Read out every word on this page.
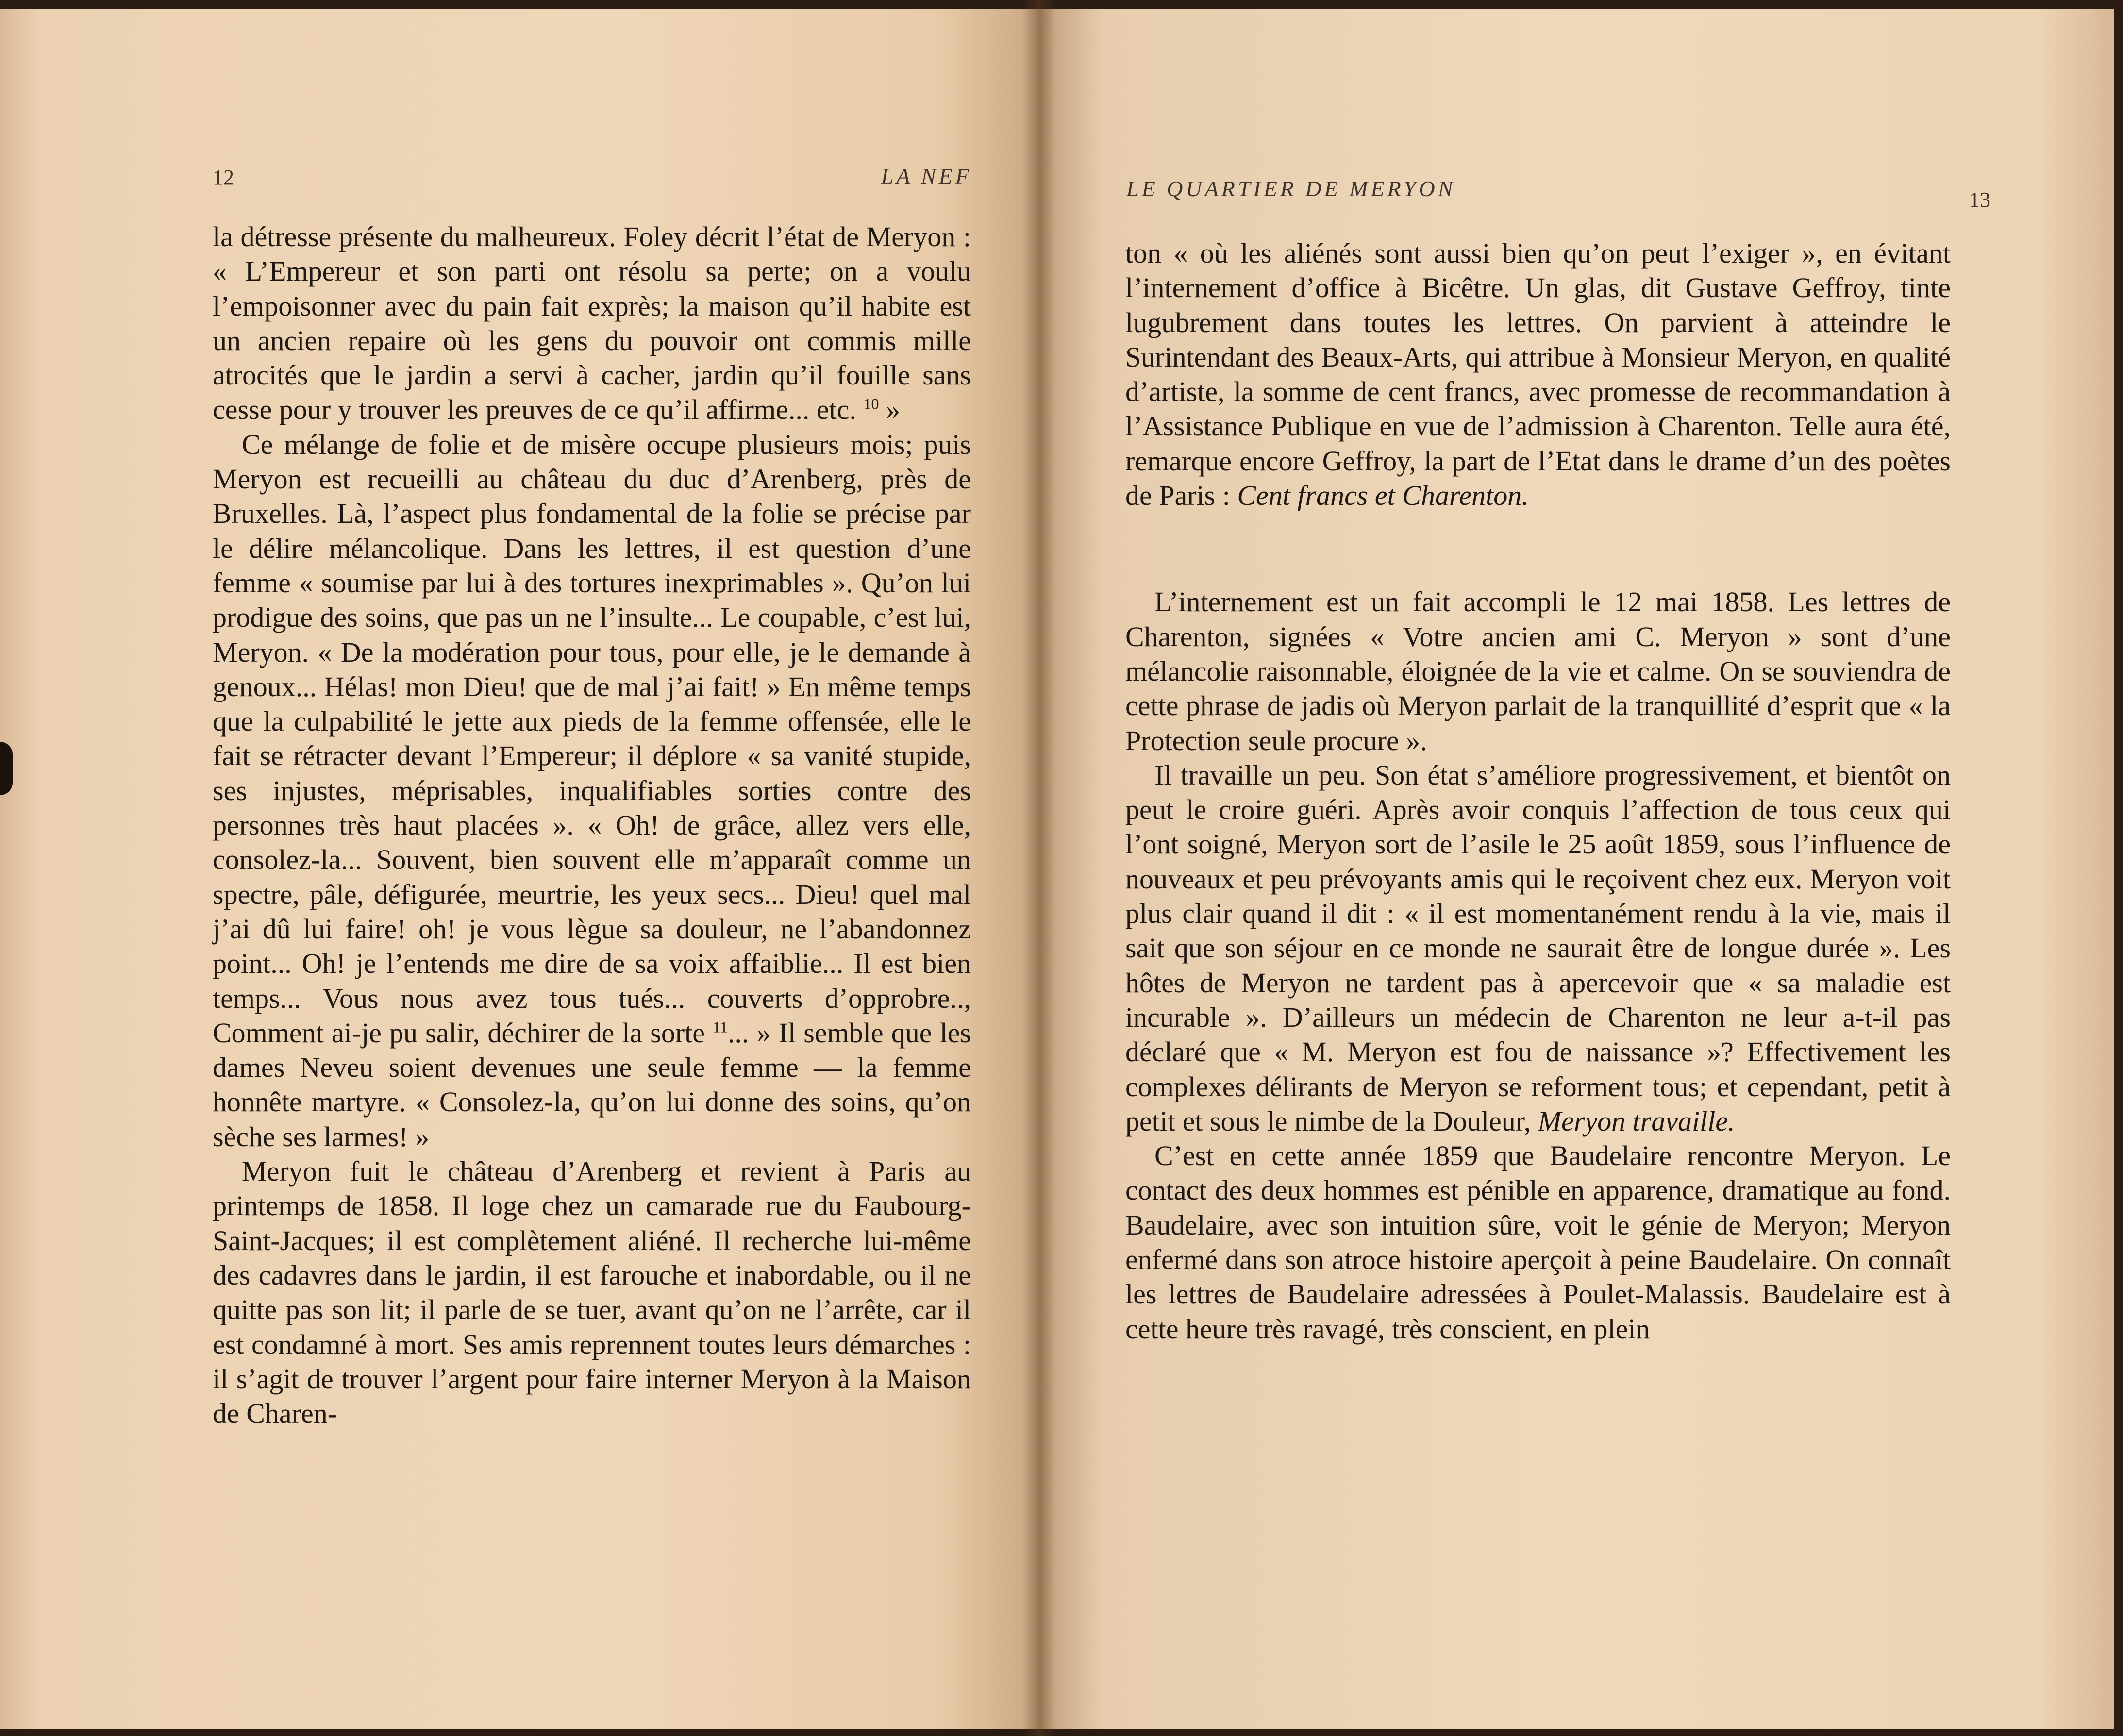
12	LA NEF

la détresse présente du malheureux. Foley décrit l’état de Meryon : « L’Empereur et son parti ont résolu sa perte; on a voulu l’empoisonner avec du pain fait exprès; la maison qu’il habite est un ancien repaire où les gens du pouvoir ont commis mille atrocités que le jardin a servi à cacher, jardin qu’il fouille sans cesse pour y trouver les preuves de ce qu’il affirme... etc. $^{10}$ »

Ce mélange de folie et de misère occupe plusieurs mois; puis Meryon est recueilli au château du duc d’Arenberg, près de Bruxelles. Là, l’aspect plus fondamental de la folie se précise par le délire mélancolique. Dans les lettres, il est question d’une femme « soumise par lui à des tortures inexprimables ». Qu’on lui prodigue des soins, que pas un ne l’insulte... Le coupable, c’est lui, Meryon. « De la modération pour tous, pour elle, je le demande à genoux... Hélas! mon Dieu! que de mal j’ai fait! » En même temps que la culpabilité le jette aux pieds de la femme offensée, elle le fait se rétracter devant l’Empereur; il déplore « sa vanité stupide, ses injustes, méprisables, inqualifiables sorties contre des personnes très haut placées ». « Oh! de grâce, allez vers elle, consolez-la... Souvent, bien souvent elle m’apparaît comme un spectre, pâle, défigurée, meurtrie, les yeux secs... Dieu! quel mal j’ai dû lui faire! oh! je vous lègue sa douleur, ne l’abandonnez point... Oh! je l’entends me dire de sa voix affaiblie... Il est bien temps... Vous nous avez tous tués... couverts d’opprobre.., Comment ai-je pu salir, déchirer de la sorte $^{11}$... » Il semble que les dames Neveu soient devenues une seule femme — la femme honnête martyre. « Consolez-la, qu’on lui donne des soins, qu’on sèche ses larmes! »

Meryon fuit le château d’Arenberg et revient à Paris au printemps de 1858. Il loge chez un camarade rue du Faubourg-Saint-Jacques; il est complètement aliéné. Il recherche lui-même des cadavres dans le jardin, il est farouche et inabordable, ou il ne quitte pas son lit; il parle de se tuer, avant qu’on ne l’arrête, car il est condamné à mort. Ses amis reprennent toutes leurs démarches : il s’agit de trouver l’argent pour faire interner Meryon à la Maison de Charen-

LE QUARTIER DE MERYON	13

ton « où les aliénés sont aussi bien qu’on peut l’exiger », en évitant l’internement d’office à Bicêtre. Un glas, dit Gustave Geffroy, tinte lugubrement dans toutes les lettres. On parvient à atteindre le Surintendant des Beaux-Arts, qui attribue à Monsieur Meryon, en qualité d’artiste, la somme de cent francs, avec promesse de recommandation à l’Assistance Publique en vue de l’admission à Charenton. Telle aura été, remarque encore Geffroy, la part de l’Etat dans le drame d’un des poètes de Paris : Cent francs et Charenton.

L’internement est un fait accompli le 12 mai 1858. Les lettres de Charenton, signées « Votre ancien ami C. Meryon » sont d’une mélancolie raisonnable, éloignée de la vie et calme. On se souviendra de cette phrase de jadis où Meryon parlait de la tranquillité d’esprit que « la Protection seule procure ».

Il travaille un peu. Son état s’améliore progressivement, et bientôt on peut le croire guéri. Après avoir conquis l’affection de tous ceux qui l’ont soigné, Meryon sort de l’asile le 25 août 1859, sous l’influence de nouveaux et peu prévoyants amis qui le reçoivent chez eux. Meryon voit plus clair quand il dit : « il est momentanément rendu à la vie, mais il sait que son séjour en ce monde ne saurait être de longue durée ». Les hôtes de Meryon ne tardent pas à apercevoir que « sa maladie est incurable ». D’ailleurs un médecin de Charenton ne leur a-t-il pas déclaré que « M. Meryon est fou de naissance »? Effectivement les complexes délirants de Meryon se reforment tous; et cependant, petit à petit et sous le nimbe de la Douleur, Meryon travaille.

C’est en cette année 1859 que Baudelaire rencontre Meryon. Le contact des deux hommes est pénible en apparence, dramatique au fond. Baudelaire, avec son intuition sûre, voit le génie de Meryon; Meryon enfermé dans son atroce histoire aperçoit à peine Baudelaire. On connaît les lettres de Baudelaire adressées à Poulet-Malassis. Baudelaire est à cette heure très ravagé, très conscient, en plein
